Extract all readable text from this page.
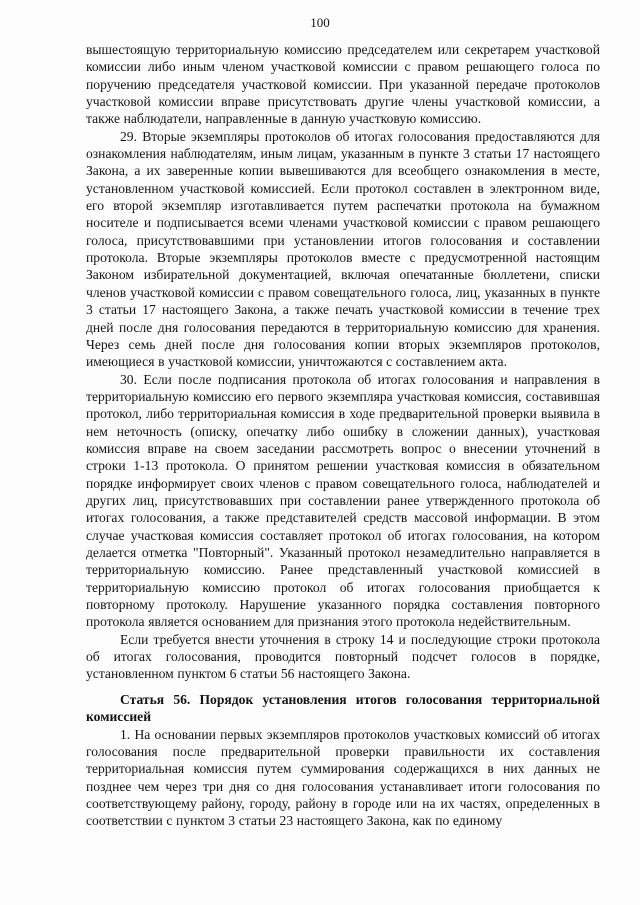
100

вышестоящую территориальную комиссию председателем или секретарем участковой комиссии либо иным членом участковой комиссии с правом решающего голоса по поручению председателя участковой комиссии. При указанной передаче протоколов участковой комиссии вправе присутствовать другие члены участковой комиссии, а также наблюдатели, направленные в данную участковую комиссию.

29. Вторые экземпляры протоколов об итогах голосования предоставляются для ознакомления наблюдателям, иным лицам, указанным в пункте 3 статьи 17 настоящего Закона, а их заверенные копии вывешиваются для всеобщего ознакомления в месте, установленном участковой комиссией. Если протокол составлен в электронном виде, его второй экземпляр изготавливается путем распечатки протокола на бумажном носителе и подписывается всеми членами участковой комиссии с правом решающего голоса, присутствовавшими при установлении итогов голосования и составлении протокола. Вторые экземпляры протоколов вместе с предусмотренной настоящим Законом избирательной документацией, включая опечатанные бюллетени, списки членов участковой комиссии с правом совещательного голоса, лиц, указанных в пункте 3 статьи 17 настоящего Закона, а также печать участковой комиссии в течение трех дней после дня голосования передаются в территориальную комиссию для хранения. Через семь дней после дня голосования копии вторых экземпляров протоколов, имеющиеся в участковой комиссии, уничтожаются с составлением акта.

30. Если после подписания протокола об итогах голосования и направления в территориальную комиссию его первого экземпляра участковая комиссия, составившая протокол, либо территориальная комиссия в ходе предварительной проверки выявила в нем неточность (описку, опечатку либо ошибку в сложении данных), участковая комиссия вправе на своем заседании рассмотреть вопрос о внесении уточнений в строки 1-13 протокола. О принятом решении участковая комиссия в обязательном порядке информирует своих членов с правом совещательного голоса, наблюдателей и других лиц, присутствовавших при составлении ранее утвержденного протокола об итогах голосования, а также представителей средств массовой информации. В этом случае участковая комиссия составляет протокол об итогах голосования, на котором делается отметка "Повторный". Указанный протокол незамедлительно направляется в территориальную комиссию. Ранее представленный участковой комиссией в территориальную комиссию протокол об итогах голосования приобщается к повторному протоколу. Нарушение указанного порядка составления повторного протокола является основанием для признания этого протокола недействительным.

Если требуется внести уточнения в строку 14 и последующие строки протокола об итогах голосования, проводится повторный подсчет голосов в порядке, установленном пунктом 6 статьи 56 настоящего Закона.

Статья 56. Порядок установления итогов голосования территориальной комиссией

1. На основании первых экземпляров протоколов участковых комиссий об итогах голосования после предварительной проверки правильности их составления территориальная комиссия путем суммирования содержащихся в них данных не позднее чем через три дня со дня голосования устанавливает итоги голосования по соответствующему району, городу, району в городе или на их частях, определенных в соответствии с пунктом 3 статьи 23 настоящего Закона, как по единому
